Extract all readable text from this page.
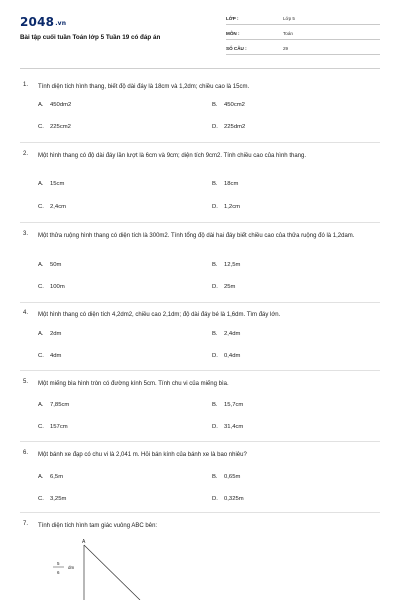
2048.vn
Bài tập cuối tuần Toán lớp 5 Tuần 19 có đáp án
LỚP :	Lớp 5
MÔN :	Toán
SỐ CÂU :	29
1. Tính diện tích hình thang, biết độ dài đáy là 18cm và 1,2dm; chiều cao là 15cm.
A. 450dm2	B. 450cm2
C. 225cm2	D. 225dm2
2. Một hình thang có độ dài đáy lần lượt là 6cm và 9cm; diện tích 9cm2. Tính chiều cao của hình thang.
A. 15cm	B. 18cm
C. 2,4cm	D. 1,2cm
3. Một thửa ruộng hình thang có diện tích là 300m2. Tính tổng độ dài hai đáy biết chiều cao của thửa ruộng đó là 1,2dam.
A. 50m	B. 12,5m
C. 100m	D. 25m
4. Một hình thang có diện tích 4,2dm2, chiều cao 2,1dm; độ dài đáy bé là 1,6dm. Tìm đáy lớn.
A. 2dm	B. 2,4dm
C. 4dm	D. 0,4dm
5. Một miếng bìa hình tròn có đường kính 5cm. Tính chu vi của miếng bìa.
A. 7,85cm	B. 15,7cm
C. 157cm	D. 31,4cm
6. Một bánh xe đạp có chu vi là 2,041 m. Hỏi bán kính của bánh xe là bao nhiêu?
A. 6,5m	B. 0,65m
C. 3,25m	D. 0,325m
7. Tính diện tích hình tam giác vuông ABC bên:
A
5
6
dm
